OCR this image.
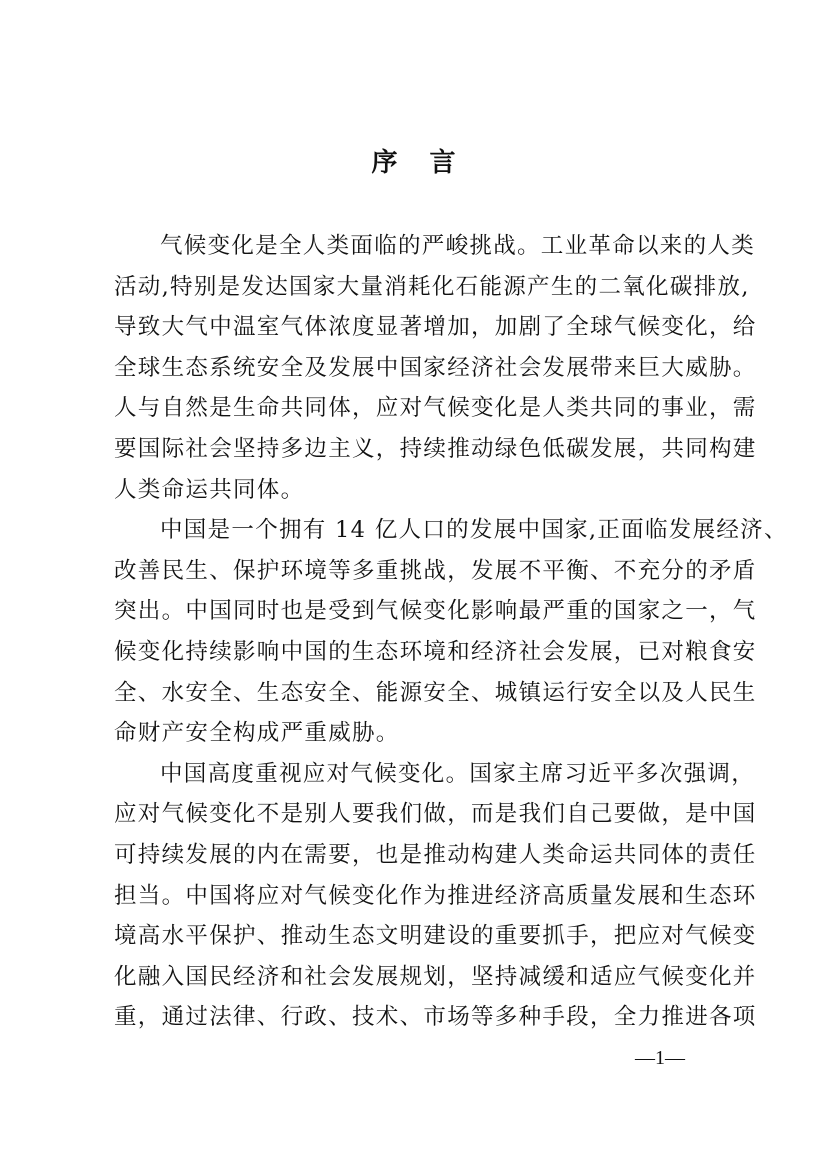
序 言
气候变化是全人类面临的严峻挑战。工业革命以来的人类
活动,特别是发达国家大量消耗化石能源产生的二氧化碳排放,
导致大气中温室气体浓度显著增加，加剧了全球气候变化，给
全球生态系统安全及发展中国家经济社会发展带来巨大威胁。
人与自然是生命共同体，应对气候变化是人类共同的事业，需
要国际社会坚持多边主义，持续推动绿色低碳发展，共同构建
人类命运共同体。
中国是一个拥有 14 亿人口的发展中国家,正面临发展经济、
改善民生、保护环境等多重挑战，发展不平衡、不充分的矛盾
突出。中国同时也是受到气候变化影响最严重的国家之一，气
候变化持续影响中国的生态环境和经济社会发展，已对粮食安
全、水安全、生态安全、能源安全、城镇运行安全以及人民生
命财产安全构成严重威胁。
中国高度重视应对气候变化。国家主席习近平多次强调，
应对气候变化不是别人要我们做，而是我们自己要做，是中国
可持续发展的内在需要，也是推动构建人类命运共同体的责任
担当。中国将应对气候变化作为推进经济高质量发展和生态环
境高水平保护、推动生态文明建设的重要抓手，把应对气候变
化融入国民经济和社会发展规划，坚持减缓和适应气候变化并
重，通过法律、行政、技术、市场等多种手段，全力推进各项
—1—
